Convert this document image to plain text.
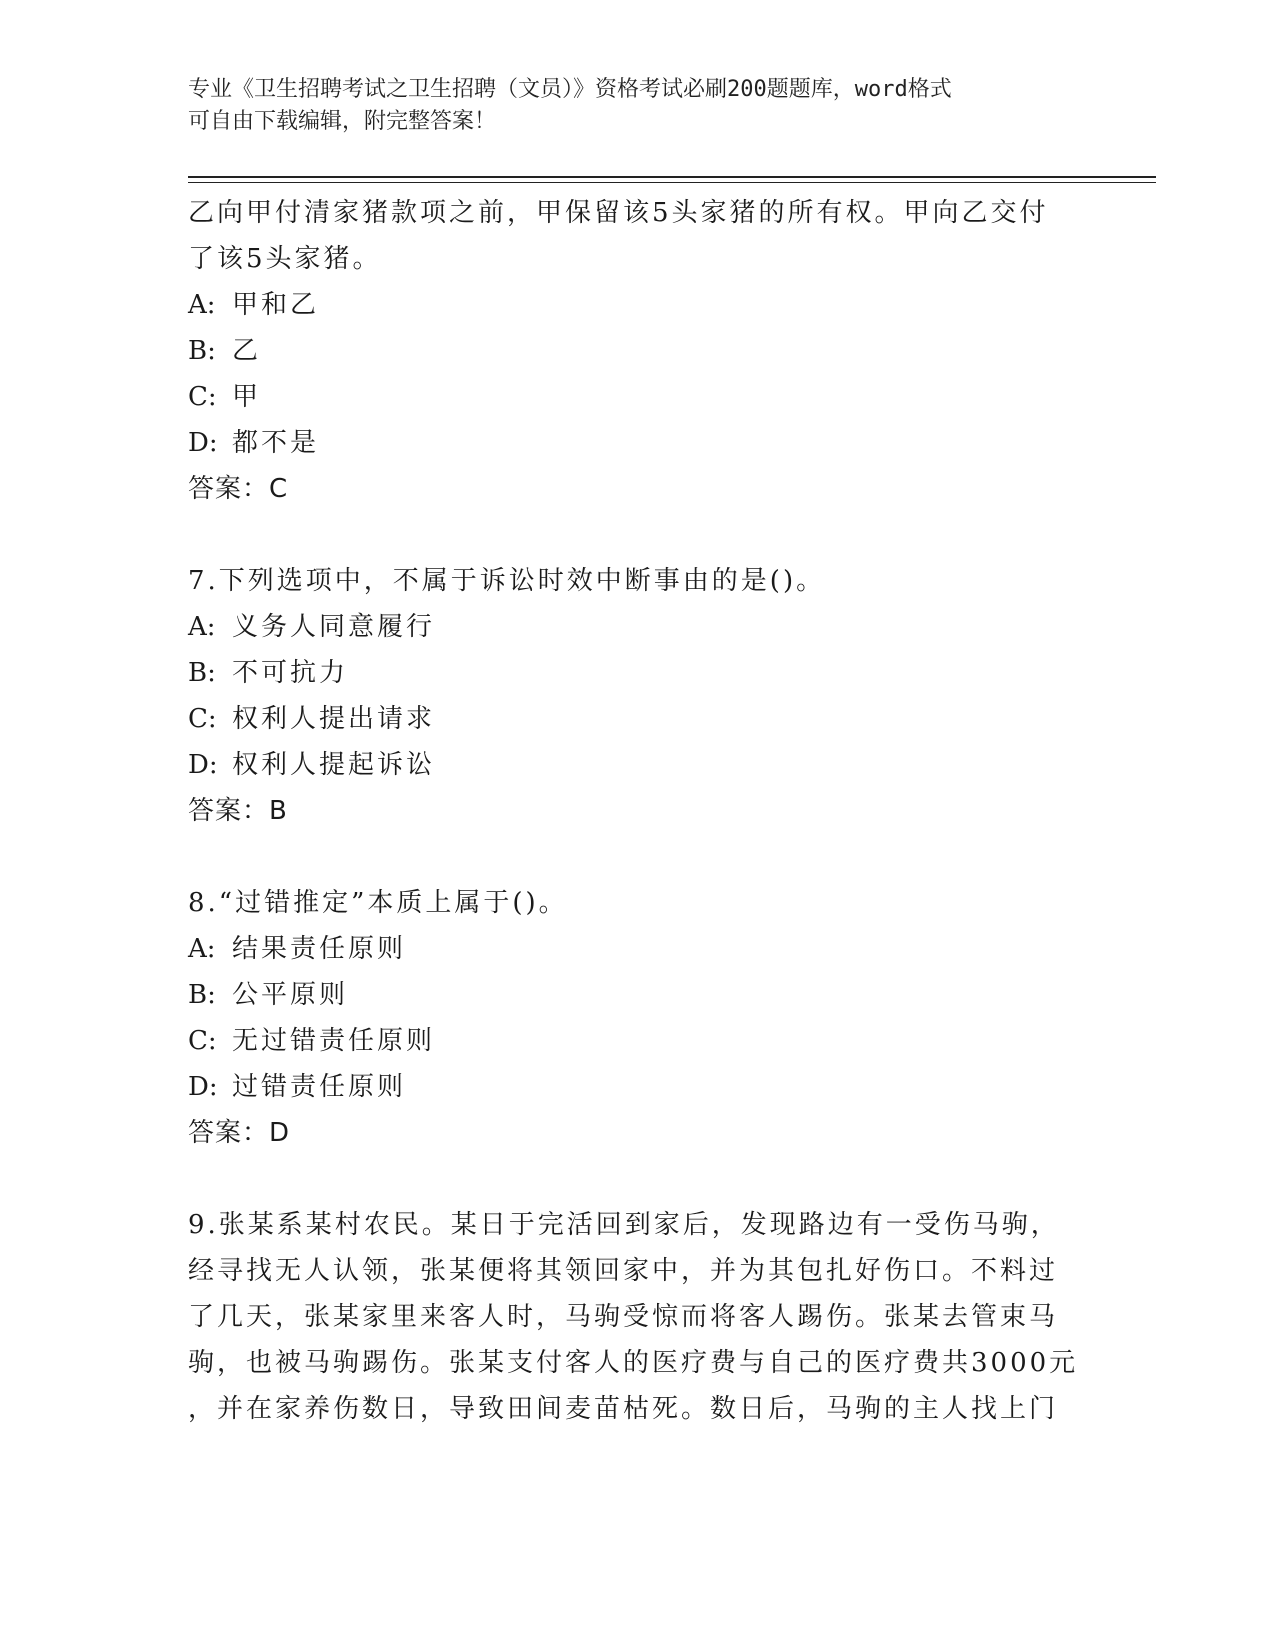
专业《卫生招聘考试之卫生招聘（文员）》资格考试必刷200题题库，word格式
可自由下载编辑，附完整答案！
乙向甲付清家猪款项之前，甲保留该5头家猪的所有权。甲向乙交付
了该5头家猪。
A: 甲和乙
B: 乙
C: 甲
D: 都不是
答案：C
7.下列选项中，不属于诉讼时效中断事由的是()。
A: 义务人同意履行
B: 不可抗力
C: 权利人提出请求
D: 权利人提起诉讼
答案：B
8.“过错推定”本质上属于()。
A: 结果责任原则
B: 公平原则
C: 无过错责任原则
D: 过错责任原则
答案：D
9.张某系某村农民。某日于完活回到家后，发现路边有一受伤马驹，
经寻找无人认领，张某便将其领回家中，并为其包扎好伤口。不料过
了几天，张某家里来客人时，马驹受惊而将客人踢伤。张某去管束马
驹，也被马驹踢伤。张某支付客人的医疗费与自己的医疗费共3000元
，并在家养伤数日，导致田间麦苗枯死。数日后，马驹的主人找上门
